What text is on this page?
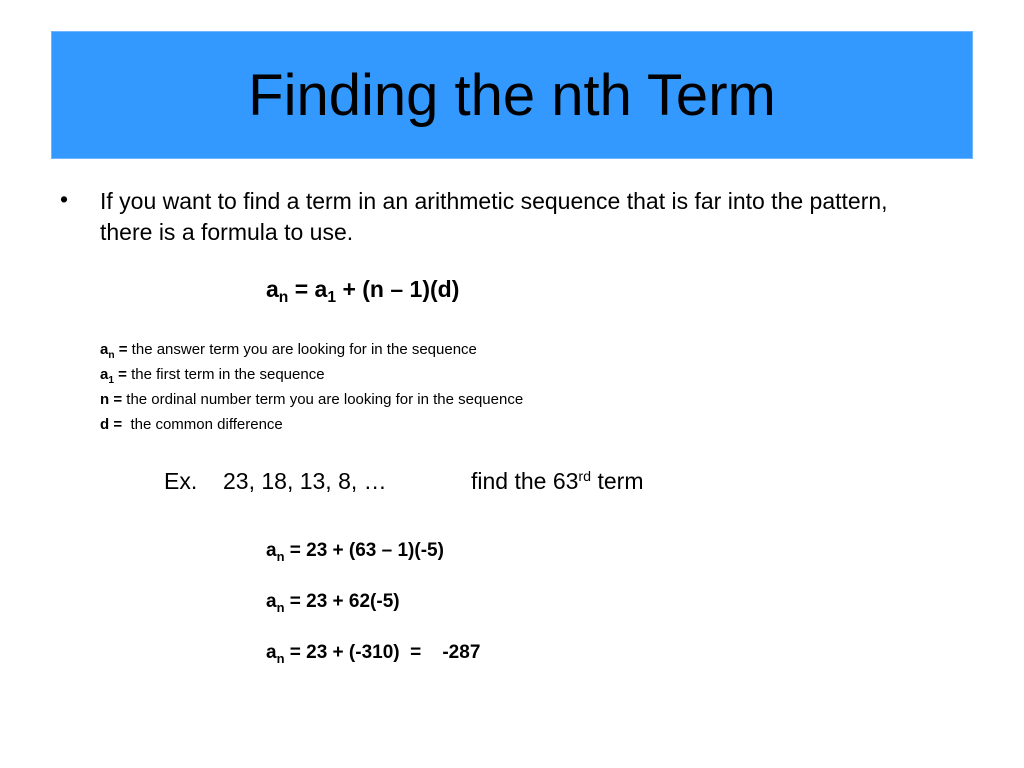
Finding the nth Term
• If you want to find a term in an arithmetic sequence that is far into the pattern, there is a formula to use.
$a_n = a_1 + (n - 1)(d)$
$a_n$ = the answer term you are looking for in the sequence
$a_1$ = the first term in the sequence
n = the ordinal number term you are looking for in the sequence
d =  the common difference
Ex. 23, 18, 13, 8, …	find the 63rd term
$a_n = 23 + (63 - 1)(-5)$
$a_n = 23 + 62(-5)$
$a_n = 23 + (-310)$  =    -287
